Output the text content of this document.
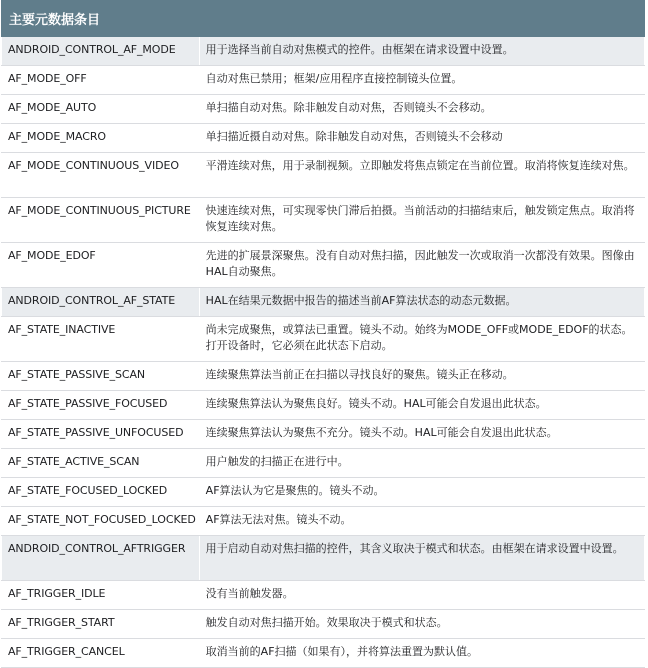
主要元数据条目	
ANDROID_CONTROL_AF_MODE	用于选择当前自动对焦模式的控件。由框架在请求设置中设置。
AF_MODE_OFF	自动对焦已禁用；框架/应用程序直接控制镜头位置。
AF_MODE_AUTO	单扫描自动对焦。除非触发自动对焦，否则镜头不会移动。
AF_MODE_MACRO	单扫描近摄自动对焦。除非触发自动对焦，否则镜头不会移动
AF_MODE_CONTINUOUS_VIDEO	平滑连续对焦，用于录制视频。立即触发将焦点锁定在当前位置。取消将恢复连续对焦。
AF_MODE_CONTINUOUS_PICTURE	快速连续对焦，可实现零快门滞后拍摄。当前活动的扫描结束后，触发锁定焦点。取消将恢复连续对焦。
AF_MODE_EDOF	先进的扩展景深聚焦。没有自动对焦扫描，因此触发一次或取消一次都没有效果。图像由HAL自动聚焦。
ANDROID_CONTROL_AF_STATE	HAL在结果元数据中报告的描述当前AF算法状态的动态元数据。
AF_STATE_INACTIVE	尚未完成聚焦，或算法已重置。镜头不动。始终为MODE_OFF或MODE_EDOF的状态。打开设备时，它必须在此状态下启动。
AF_STATE_PASSIVE_SCAN	连续聚焦算法当前正在扫描以寻找良好的聚焦。镜头正在移动。
AF_STATE_PASSIVE_FOCUSED	连续聚焦算法认为聚焦良好。镜头不动。HAL可能会自发退出此状态。
AF_STATE_PASSIVE_UNFOCUSED	连续聚焦算法认为聚焦不充分。镜头不动。HAL可能会自发退出此状态。
AF_STATE_ACTIVE_SCAN	用户触发的扫描正在进行中。
AF_STATE_FOCUSED_LOCKED	AF算法认为它是聚焦的。镜头不动。
AF_STATE_NOT_FOCUSED_LOCKED	AF算法无法对焦。镜头不动。
ANDROID_CONTROL_AFTRIGGER	用于启动自动对焦扫描的控件，其含义取决于模式和状态。由框架在请求设置中设置。
AF_TRIGGER_IDLE	没有当前触发器。
AF_TRIGGER_START	触发自动对焦扫描开始。效果取决于模式和状态。
AF_TRIGGER_CANCEL	取消当前的AF扫描（如果有），并将算法重置为默认值。
